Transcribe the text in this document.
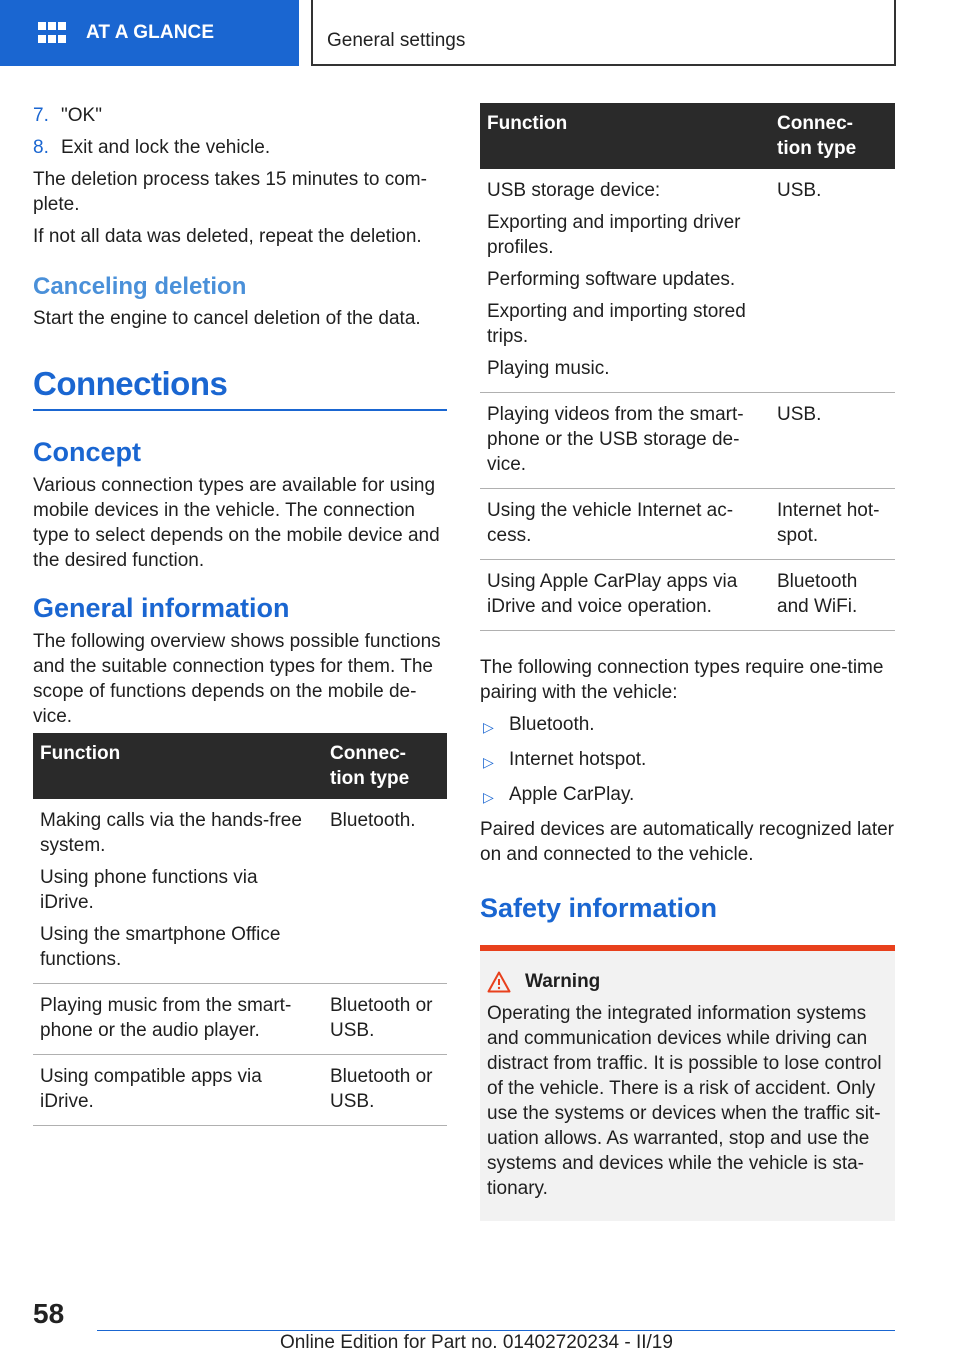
AT A GLANCE	General settings
7. "OK"
8. Exit and lock the vehicle.

The deletion process takes 15 minutes to com-plete.

If not all data was deleted, repeat the deletion.

Canceling deletion

Start the engine to cancel deletion of the data.

Connections
Concept

Various connection types are available for using mobile devices in the vehicle. The connection type to select depends on the mobile device and the desired function.

General information

The following overview shows possible functions and the suitable connection types for them. The scope of functions depends on the mobile de-vice.

Function	Connec-tion type

Making calls via the hands-free system.

Using phone functions via iDrive.

Using the smartphone Office functions.	Bluetooth.

Playing music from the smart-phone or the audio player.	Bluetooth or USB.

Using compatible apps via iDrive.	Bluetooth or USB.
Function	Connec-tion type

USB storage device:

Exporting and importing driver profiles.

Performing software updates.

Exporting and importing stored trips.

Playing music.	USB.

Playing videos from the smart-phone or the USB storage de-vice.	USB.

Using the vehicle Internet ac-cess.	Internet hot-spot.

Using Apple CarPlay apps via iDrive and voice operation.	Bluetooth and WiFi.

The following connection types require one-time pairing with the vehicle:

▷ Bluetooth.
▷ Internet hotspot.
▷ Apple CarPlay.

Paired devices are automatically recognized later on and connected to the vehicle.

Safety information
Warning

Operating the integrated information systems and communication devices while driving can distract from traffic. It is possible to lose control of the vehicle. There is a risk of accident. Only use the systems or devices when the traffic sit-uation allows. As warranted, stop and use the systems and devices while the vehicle is sta-tionary.

58
Online Edition for Part no. 01402720234 - II/19
